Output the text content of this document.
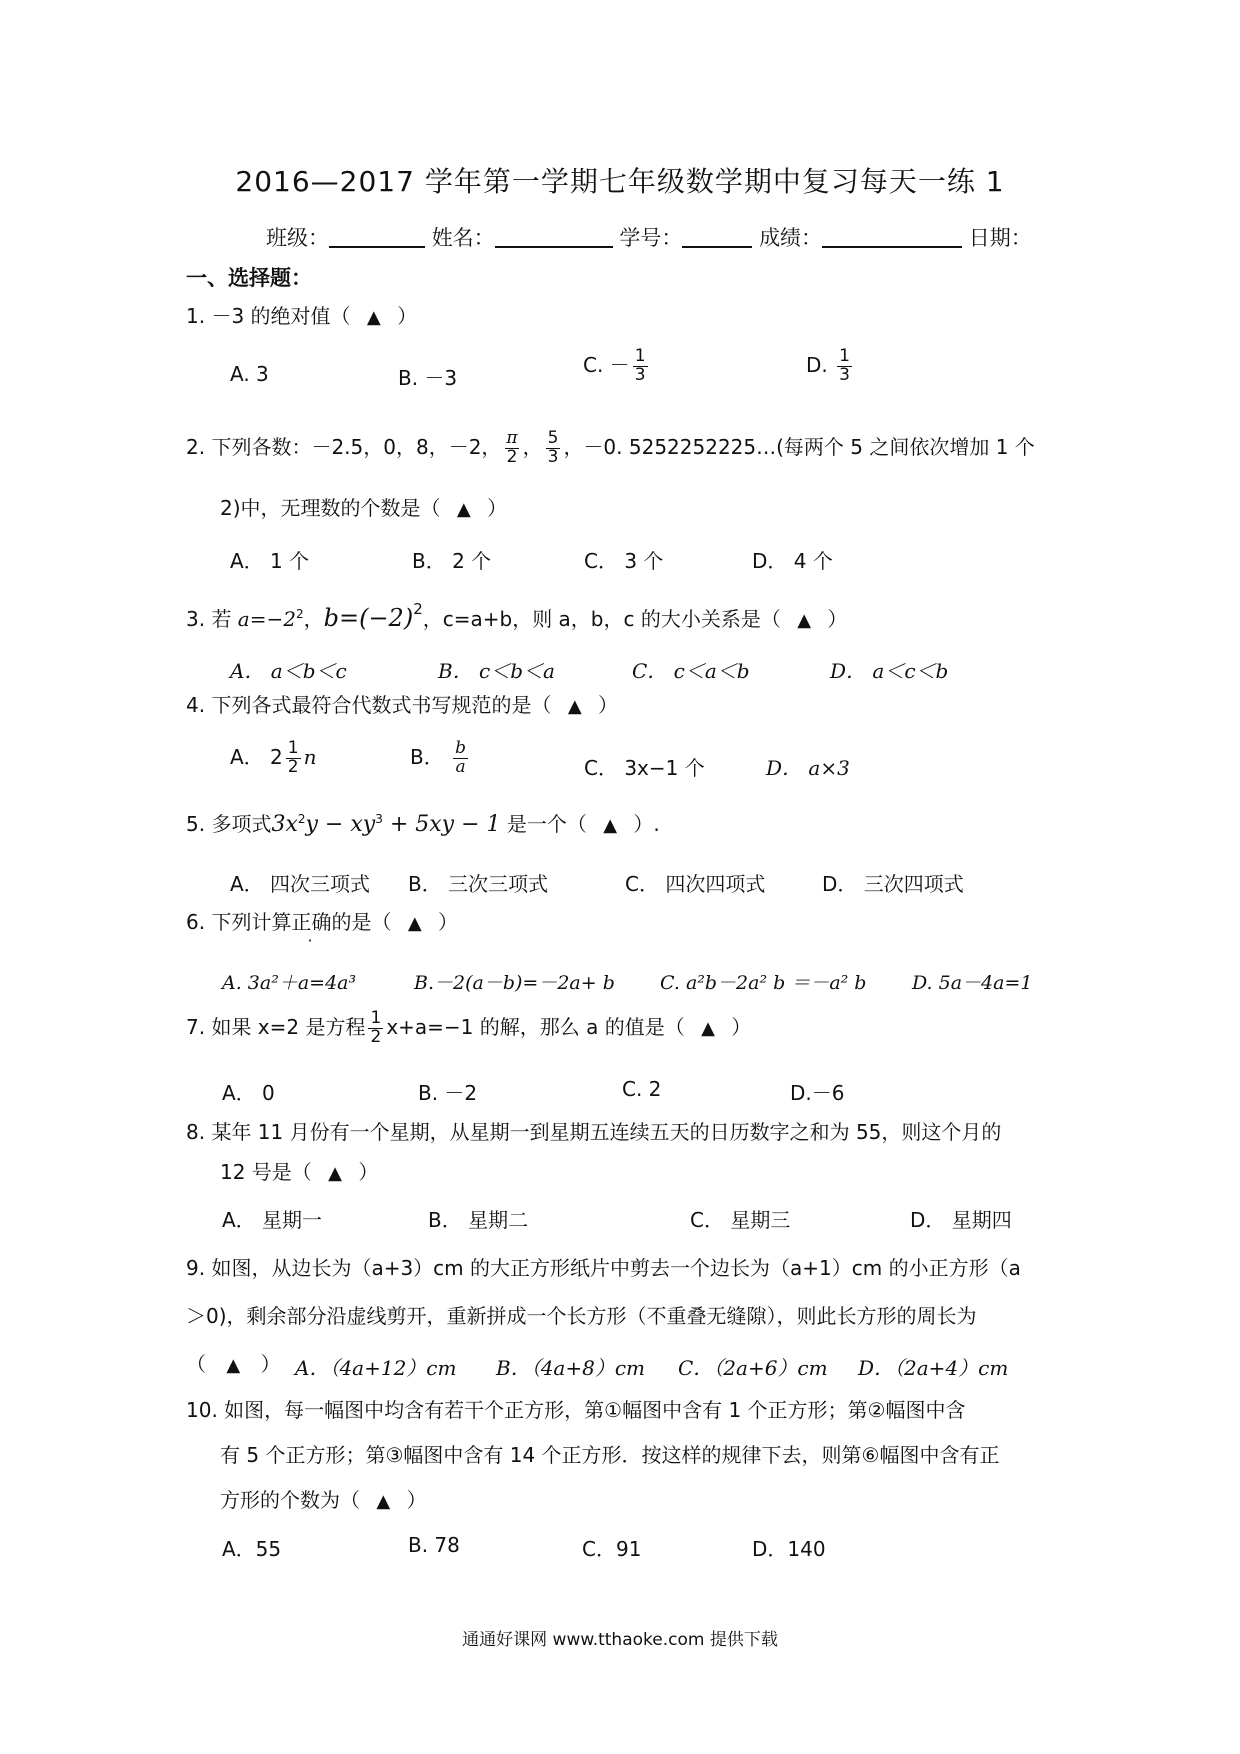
2016—2017 学年第一学期七年级数学期中复习每天一练 1
班级：	姓名：	学号：	成绩：	日期：
一、选择题：
1. －3 的绝对值（ ▲ ）
A. 3	B. －3
C. － $\frac{1}{3}$	D. $\frac{1}{3}$
2. 下列各数：－2.5，0，8，－2， $\frac{\pi}{2}$ ， $\frac{5}{3}$ ，－0. 5252252225…(每两个 5 之间依次增加 1 个
2)中，无理数的个数是（ ▲ ）
A． 1 个	B． 2 个	C． 3 个	D． 4 个
3. 若 $a=-2^2$，$b=(-2)^2$，c=a+b，则 a，b，c 的大小关系是（ ▲ ）
A． a＜b＜c	B． c＜b＜a	C． c＜a＜b	D． a＜c＜b
4. 下列各式最符合代数式书写规范的是（ ▲ ）
A． $2 \frac{1}{2}$ n	B． $\frac{b}{a}$	C． 3x−1 个	D． a×3
5. 多项式$3x^2y - xy^3 + 5xy - 1$ 是一个（ ▲ ）.
A． 四次三项式 B． 三次三项式	C． 四次四项式	D． 三次四项式
6. 下列计算正确的是（ ▲ ）
A. 3a²＋a=4a³	B.－2(a－b)=－2a+ b C. a²b－2a² b ＝－a² b D. 5a－4a=1
7. 如果 x=2 是方程 $\frac{1}{2} x+a=-1$ 的解，那么 a 的值是（ ▲ ）
A． 0	B. －2	C. 2	D.－6
8. 某年 11 月份有一个星期，从星期一到星期五连续五天的日历数字之和为 55，则这个月的
12 号是（ ▲ ）
A． 星期一	B． 星期二	C． 星期三	D． 星期四
9. 如图，从边长为（a+3）cm 的大正方形纸片中剪去一个边长为（a+1）cm 的小正方形（a
＞0)，剩余部分沿虚线剪开，重新拼成一个长方形（不重叠无缝隙），则此长方形的周长为
（ ▲ ） A．（4a+12）cm B．（4a+8）cm C．（2a+6）cm D．（2a+4）cm
10. 如图，每一幅图中均含有若干个正方形，第①幅图中含有 1 个正方形；第②幅图中含
有 5 个正方形；第③幅图中含有 14 个正方形．按这样的规律下去，则第⑥幅图中含有正
方形的个数为（ ▲ ）
A．55	B. 78	C．91	D．140
通通好课网 www.tthaoke.com 提供下载
